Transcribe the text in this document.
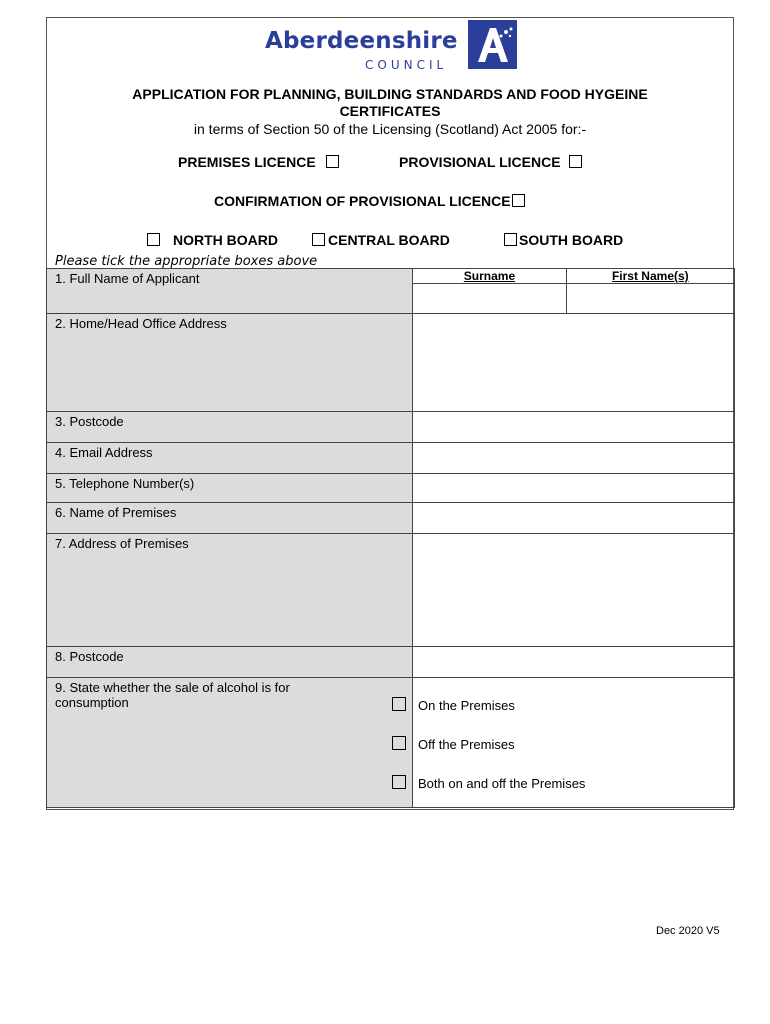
Aberdeenshire
COUNCIL
APPLICATION FOR PLANNING, BUILDING STANDARDS AND FOOD HYGEINE
CERTIFICATES
in terms of Section 50 of the Licensing (Scotland) Act 2005 for:-
PREMISES LICENCE	PROVISIONAL LICENCE
CONFIRMATION OF PROVISIONAL LICENCE
NORTH BOARD	CENTRAL BOARD	SOUTH BOARD
Please tick the appropriate boxes above
1. Full Name of Applicant	Surname	First Name(s)

2. Home/Head Office Address		
3. Postcode		
4. Email Address		
5. Telephone Number(s)		
6. Name of Premises		
7. Address of Premises		
8. Postcode		
9. State whether the sale of alcohol is for consumption			On the Premises
Off the Premises
Both on and off the Premises
Dec 2020 V5
